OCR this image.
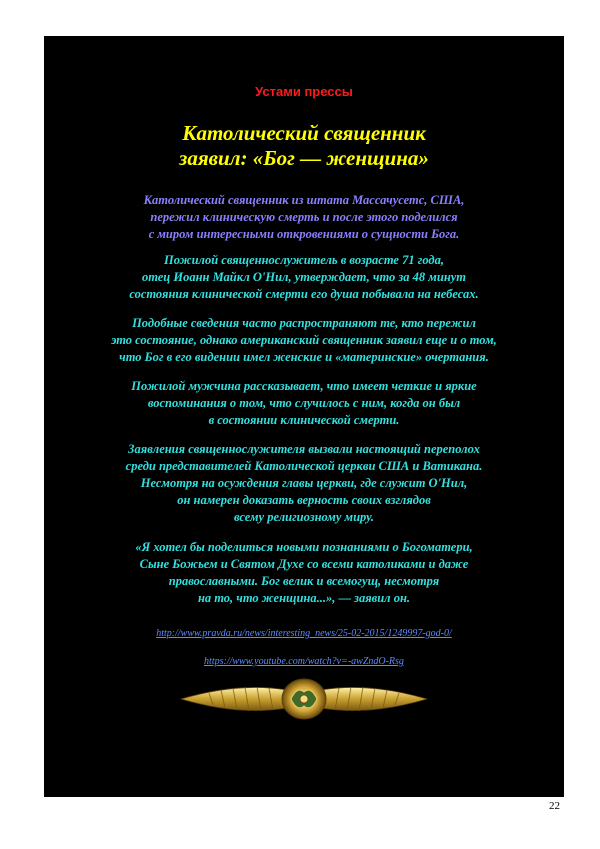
Устами прессы
Католический священник
заявил: «Бог — женщина»
Католический священник из штата Массачусетс, США,
пережил клиническую смерть и после этого поделился
с миром интересными откровениями о сущности Бога.
Пожилой священнослужитель в возрасте 71 года,
отец Иоанн Майкл О'Нил, утверждает, что за 48 минут
состояния клинической смерти его душа побывала на небесах.
Подобные сведения часто распространяют те, кто пережил
это состояние, однако американский священник заявил еще и о том,
что Бог в его видении имел женские и «материнские» очертания.
Пожилой мужчина рассказывает, что имеет четкие и яркие
воспоминания о том, что случилось с ним, когда он был
в состоянии клинической смерти.
Заявления священнослужителя вызвали настоящий переполох
среди представителей Католической церкви США и Ватикана.
Несмотря на осуждения главы церкви, где служит О'Нил,
он намерен доказать верность своих взглядов
всему религиозному миру.
«Я хотел бы поделиться новыми познаниями о Богоматери,
Сыне Божьем и Святом Духе со всеми католиками и даже
православными. Бог велик и всемогущ, несмотря
на то, что женщина...», — заявил он.
http://www.pravda.ru/news/interesting_news/25-02-2015/1249997-god-0/
https://www.youtube.com/watch?v=-awZndO-Rsg
22
